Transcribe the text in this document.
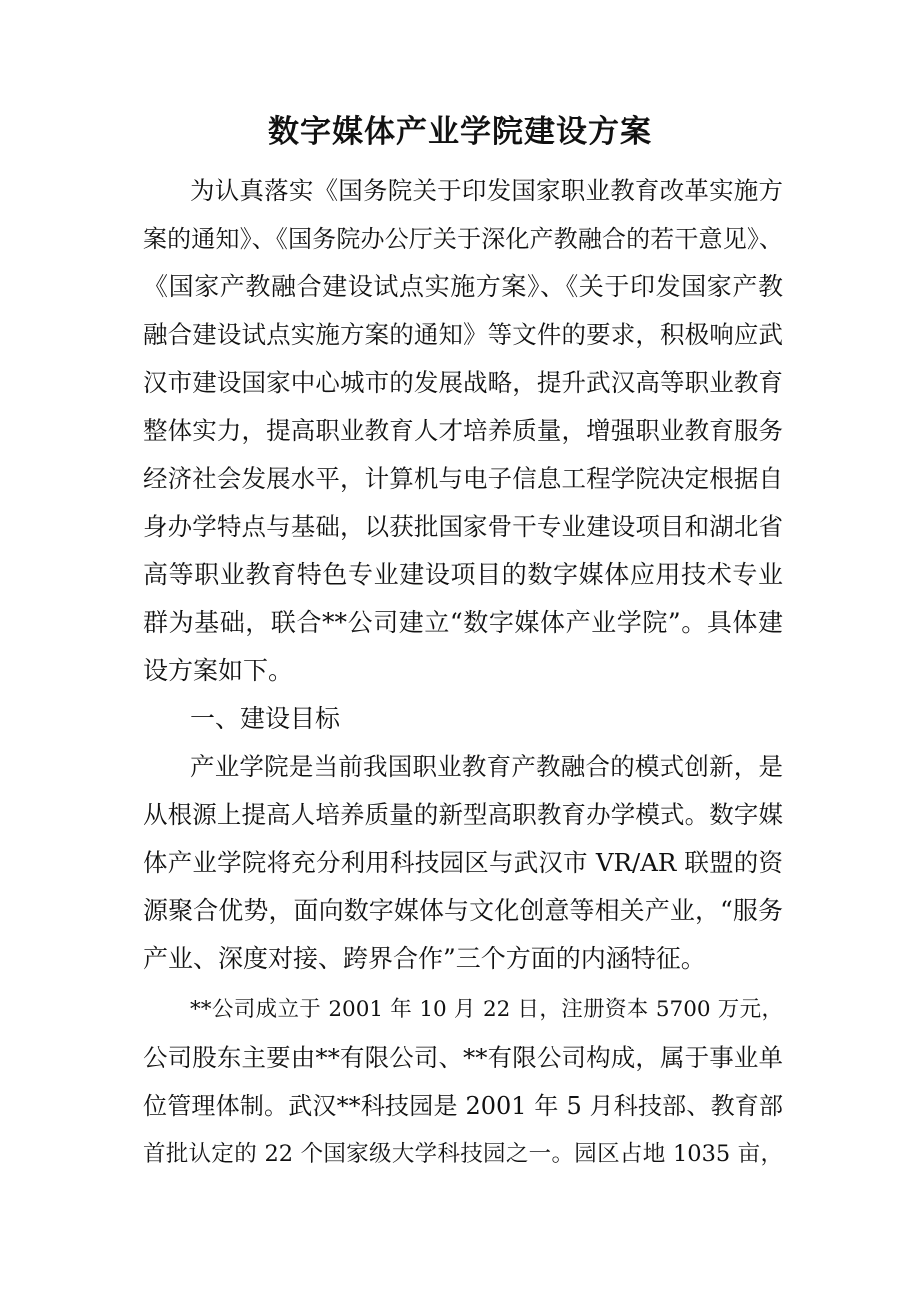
数字媒体产业学院建设方案

为认真落实《国务院关于印发国家职业教育改革实施方

案的通知》、《国务院办公厅关于深化产教融合的若干意见》、

《国家产教融合建设试点实施方案》、《关于印发国家产教

融合建设试点实施方案的通知》等文件的要求，积极响应武

汉市建设国家中心城市的发展战略，提升武汉高等职业教育

整体实力，提高职业教育人才培养质量，增强职业教育服务

经济社会发展水平，计算机与电子信息工程学院决定根据自

身办学特点与基础，以获批国家骨干专业建设项目和湖北省

高等职业教育特色专业建设项目的数字媒体应用技术专业

群为基础，联合**公司建立“数字媒体产业学院”。具体建

设方案如下。

一、建设目标

产业学院是当前我国职业教育产教融合的模式创新，是

从根源上提高人培养质量的新型高职教育办学模式。数字媒

体产业学院将充分利用科技园区与武汉市 VR/AR 联盟的资

源聚合优势，面向数字媒体与文化创意等相关产业，“服务

产业、深度对接、跨界合作”三个方面的内涵特征。

**公司成立于 2001 年 10 月 22 日，注册资本 5700 万元，

公司股东主要由**有限公司、**有限公司构成，属于事业单

位管理体制。武汉**科技园是 2001 年 5 月科技部、教育部

首批认定的 22 个国家级大学科技园之一。园区占地 1035 亩，
